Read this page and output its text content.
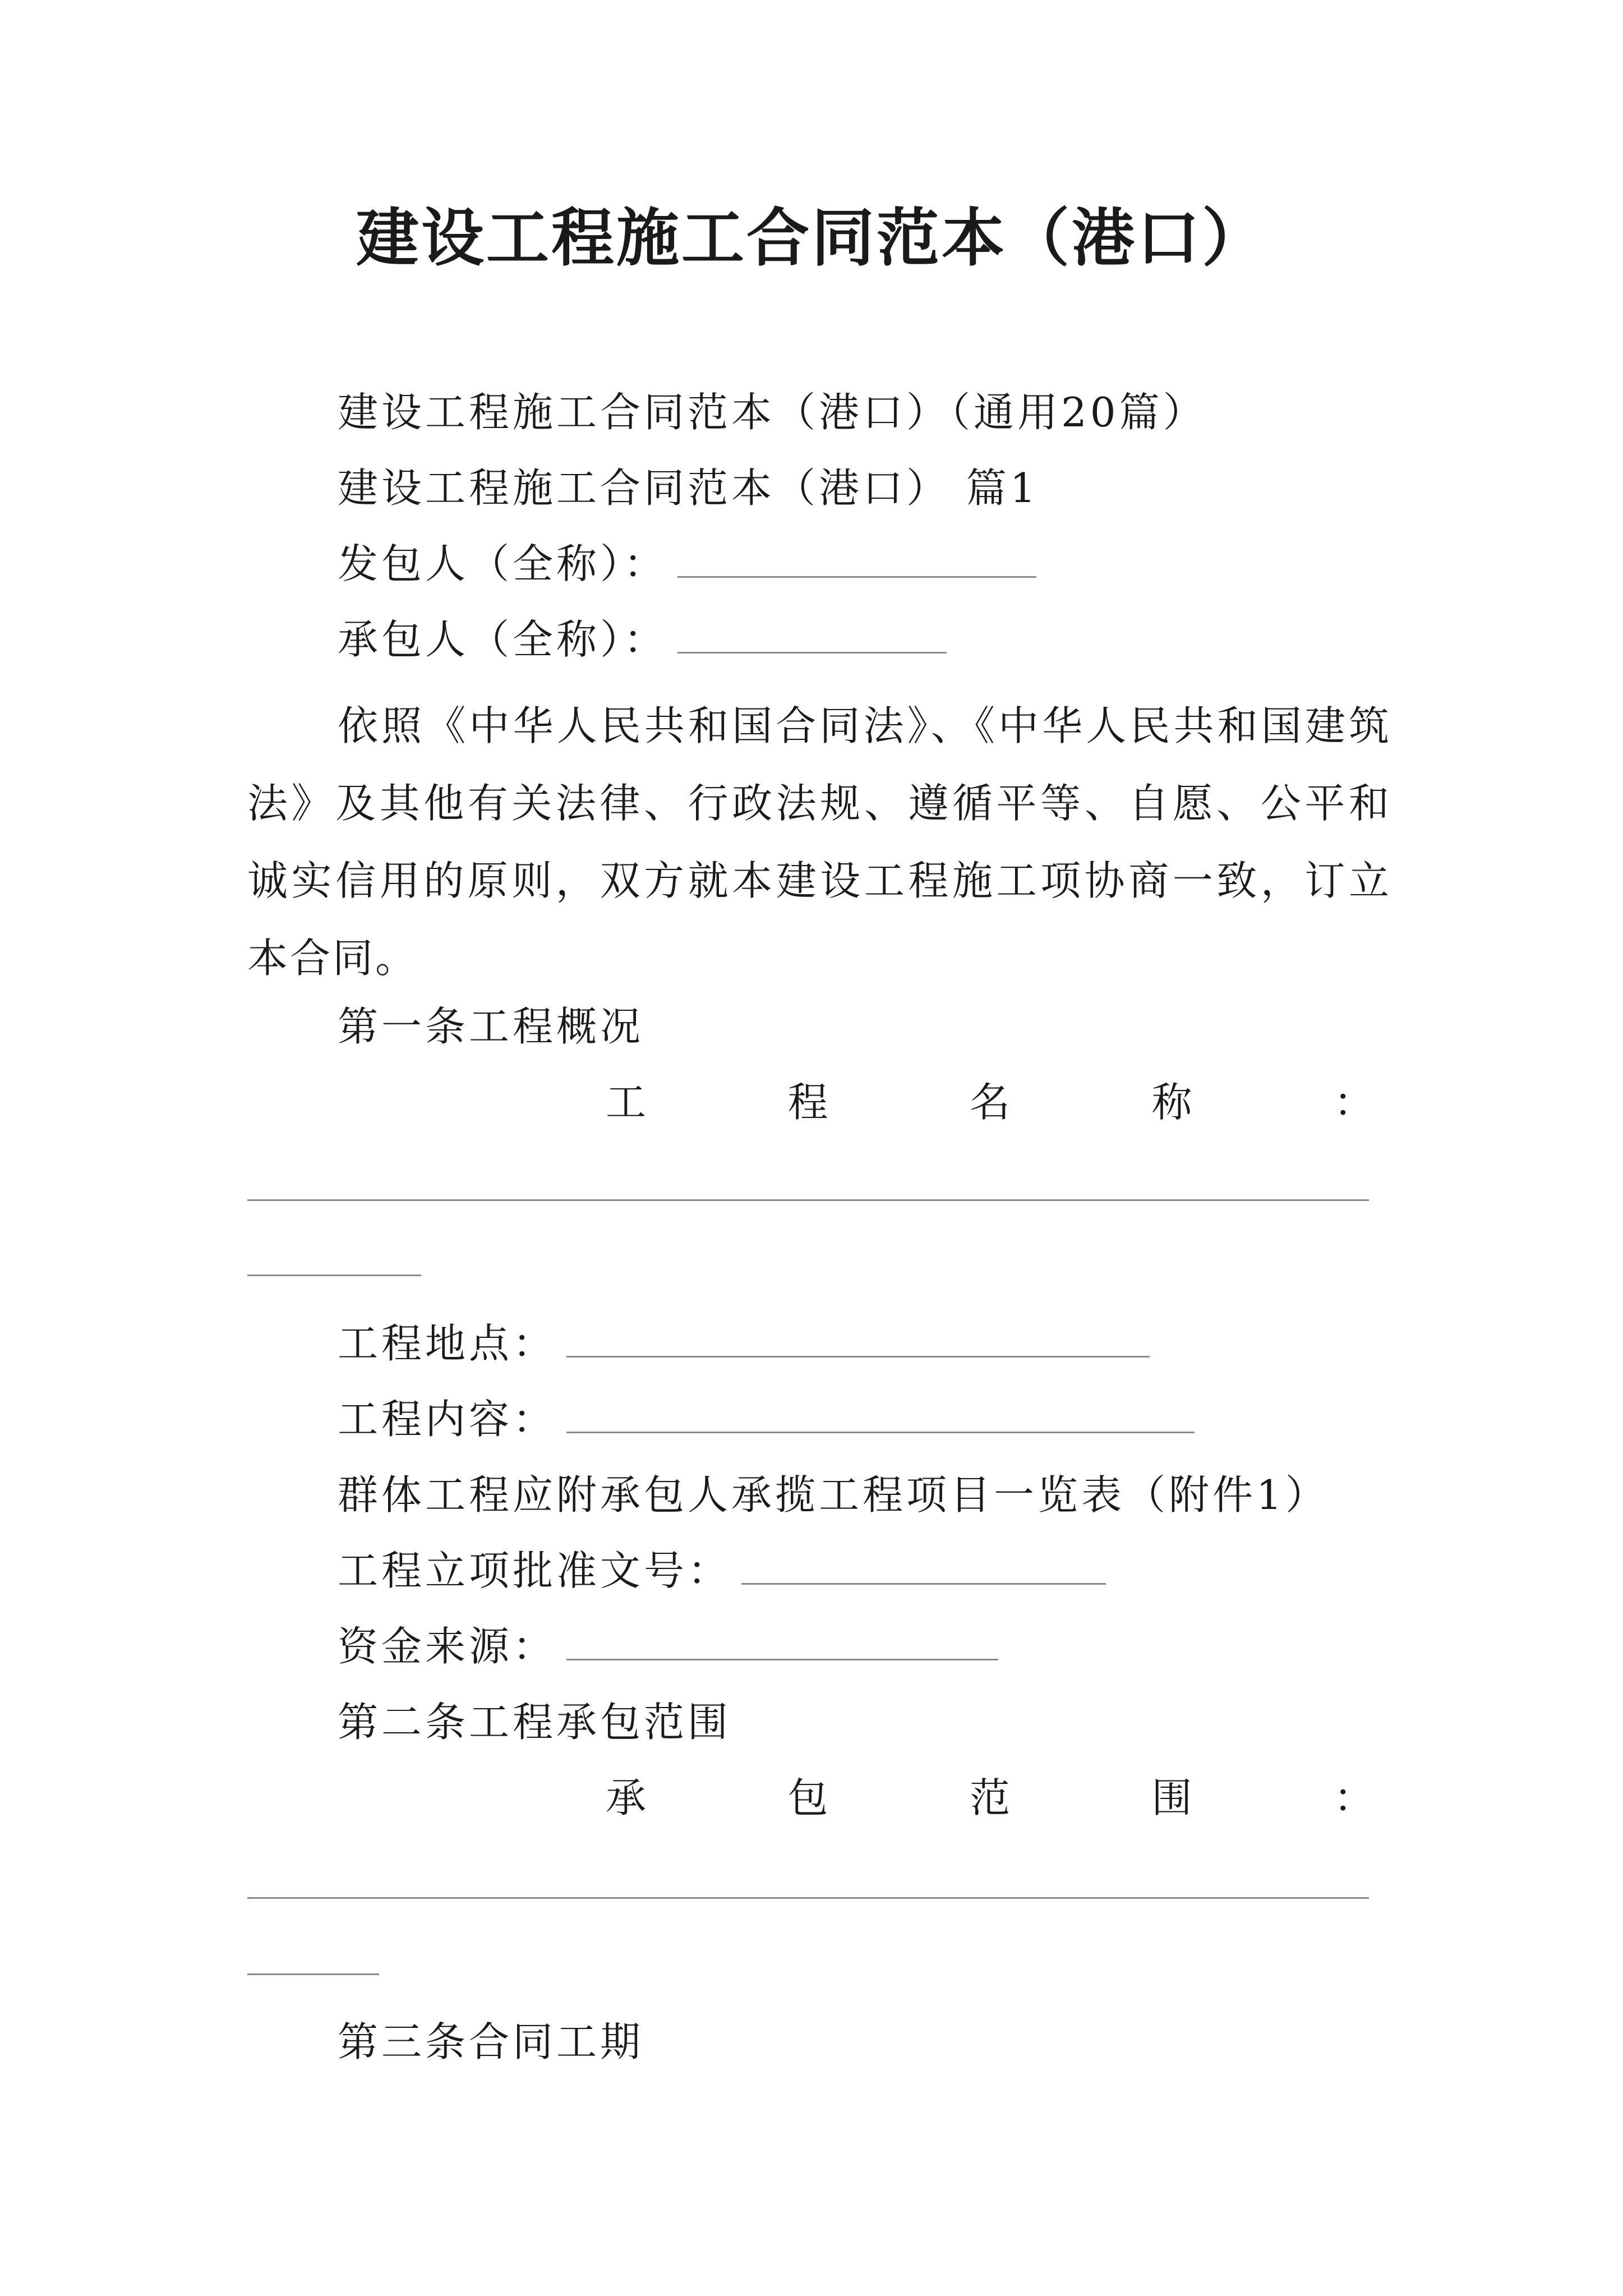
建设工程施工合同范本（港口）
建设工程施工合同范本（港口）（通用20篇）
建设工程施工合同范本（港口） 篇1
发包人（全称）：
承包人（全称）：

依照《中华人民共和国合同法》、《中华人民共和国建筑法》及其他有关法律、行政法规、遵循平等、自愿、公平和诚实信用的原则，双方就本建设工程施工项协商一致，订立本合同。

第一条工程概况
工	程	名	称	：
工程地点：
工程内容：
群体工程应附承包人承揽工程项目一览表（附件1）
工程立项批准文号：
资金来源：
第二条工程承包范围
承	包	范	围	：
第三条合同工期
